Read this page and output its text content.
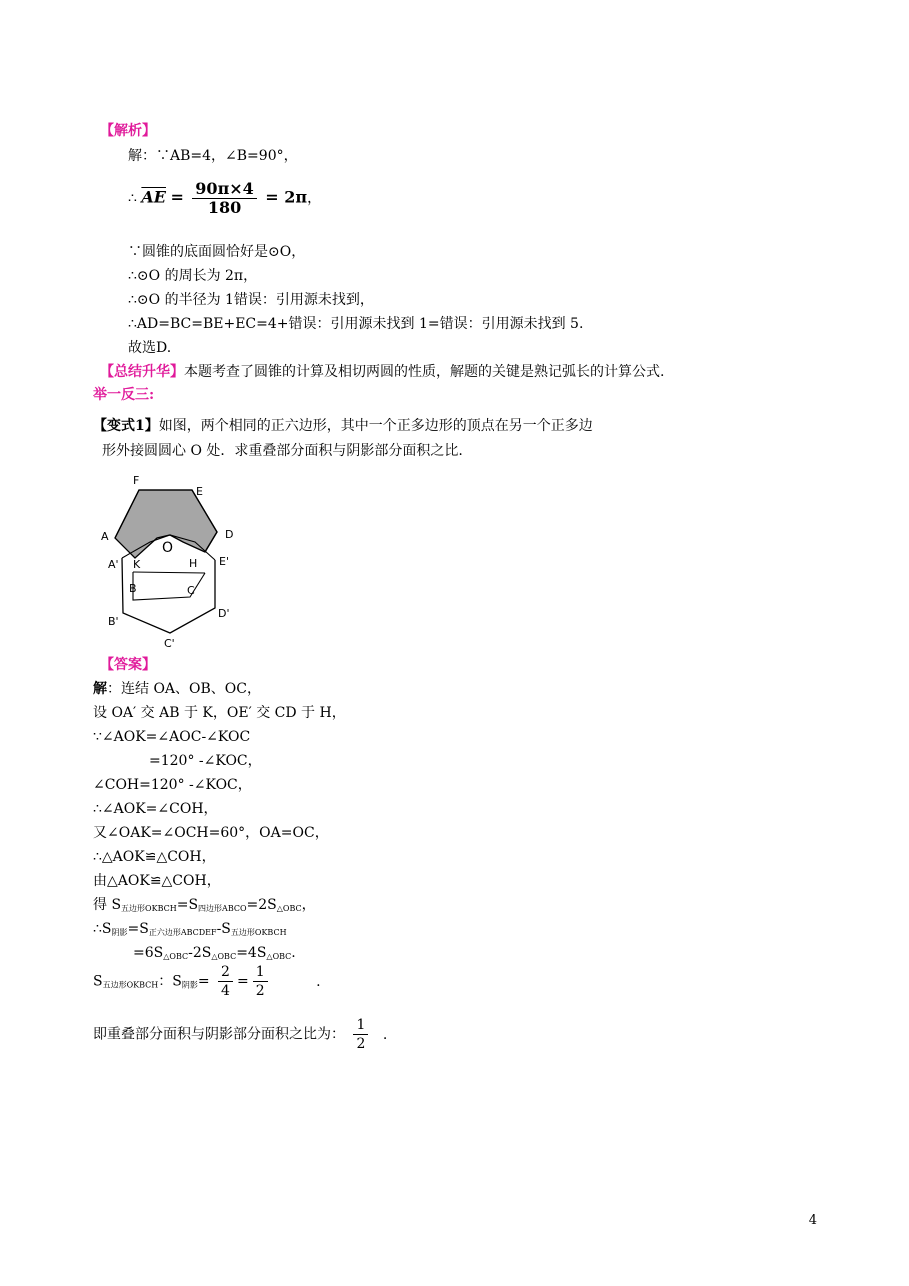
【解析】
解：∵AB=4，∠B=90°，
∴ $\overline{AE} = \frac{90\pi\times 4}{180} = 2\pi$，
∵圆锥的底面圆恰好是⊙O，
∴⊙O 的周长为 2π，
∴⊙O 的半径为 1错误：引用源未找到，
∴AD=BC=BE+EC=4+错误：引用源未找到 1=错误：引用源未找到 5.
故选D.
【总结升华】本题考查了圆锥的计算及相切两圆的性质，解题的关键是熟记弧长的计算公式.
举一反三:
【变式1】如图，两个相同的正六边形，其中一个正多边形的顶点在另一个正多边
形外接圆圆心 O 处．求重叠部分面积与阴影部分面积之比.
F
E
A	D
O
A' K	H E'
B	C
D'
B'
C'
【答案】
解：连结 OA、OB、OC，
设 OA′ 交 AB 于 K，OE′ 交 CD 于 H，
∵∠AOK=∠AOC-∠KOC
=120° -∠KOC，
∠COH=120° -∠KOC，
∴∠AOK=∠COH，
又∠OAK=∠OCH=60°，OA=OC，
∴△AOK≌△COH，
由△AOK≌△COH，
得 $S_{五边形OKBCH}=S_{四边形ABCO}=2S_{\triangle OBC}$，
$\therefore S_{阴影}=S_{正六边形ABCDEF}-S_{五边形OKBCH}$
$=6S_{\triangle OBC}-2S_{\triangle OBC}=4S_{\triangle OBC}$.
$S_{五边形OKBCH}$：$S_{阴影}= \frac{2}{4} = \frac{1}{2}$	.
即重叠部分面积与阴影部分面积之比为： $\frac{1}{2}$ .
4
